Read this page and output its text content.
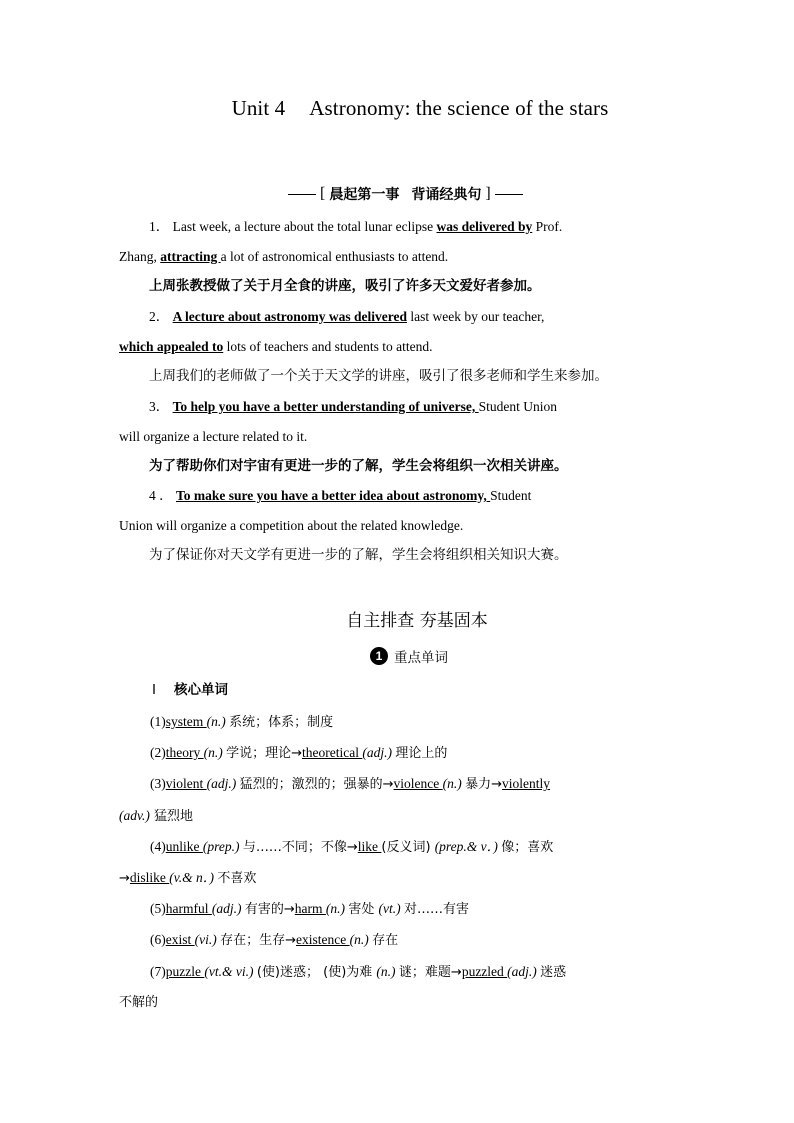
Unit 4 Astronomy: the science of the stars
[ 晨起第一事 背诵经典句 ]
1． Last week, a lecture about the total lunar eclipse was delivered by Prof.
Zhang, attracting a lot of astronomical enthusiasts to attend.
上周张教授做了关于月全食的讲座，吸引了许多天文爱好者参加。
2． A lecture about astronomy was delivered last week by our teacher,
which appealed to lots of teachers and students to attend.
上周我们的老师做了一个关于天文学的讲座，吸引了很多老师和学生来参加。
3． To help you have a better understanding of universe, Student Union
will organize a lecture related to it.
为了帮助你们对宇宙有更进一步的了解，学生会将组织一次相关讲座。
4 ． To make sure you have a better idea about astronomy, Student
Union will organize a competition about the related knowledge.
为了保证你对天文学有更进一步的了解，学生会将组织相关知识大赛。
自主排查 夯基固本
1 重点单词
Ⅰ 核心单词
(1)system (n.) 系统；体系；制度
(2)theory (n.) 学说；理论→theoretical (adj.) 理论上的
(3)violent (adj.) 猛烈的；激烈的；强暴的→violence (n.) 暴力→violently
(adv.) 猛烈地
(4)unlike (prep.) 与……不同；不像→like (反义词) (prep.& v．) 像；喜欢
→dislike (v.& n．) 不喜欢
(5)harmful (adj.) 有害的→harm (n.) 害处 (vt.) 对……有害
(6)exist (vi.) 存在；生存→existence (n.) 存在
(7)puzzle (vt.& vi.) (使)迷惑； (使)为难 (n.) 谜；难题→puzzled (adj.) 迷惑
不解的
